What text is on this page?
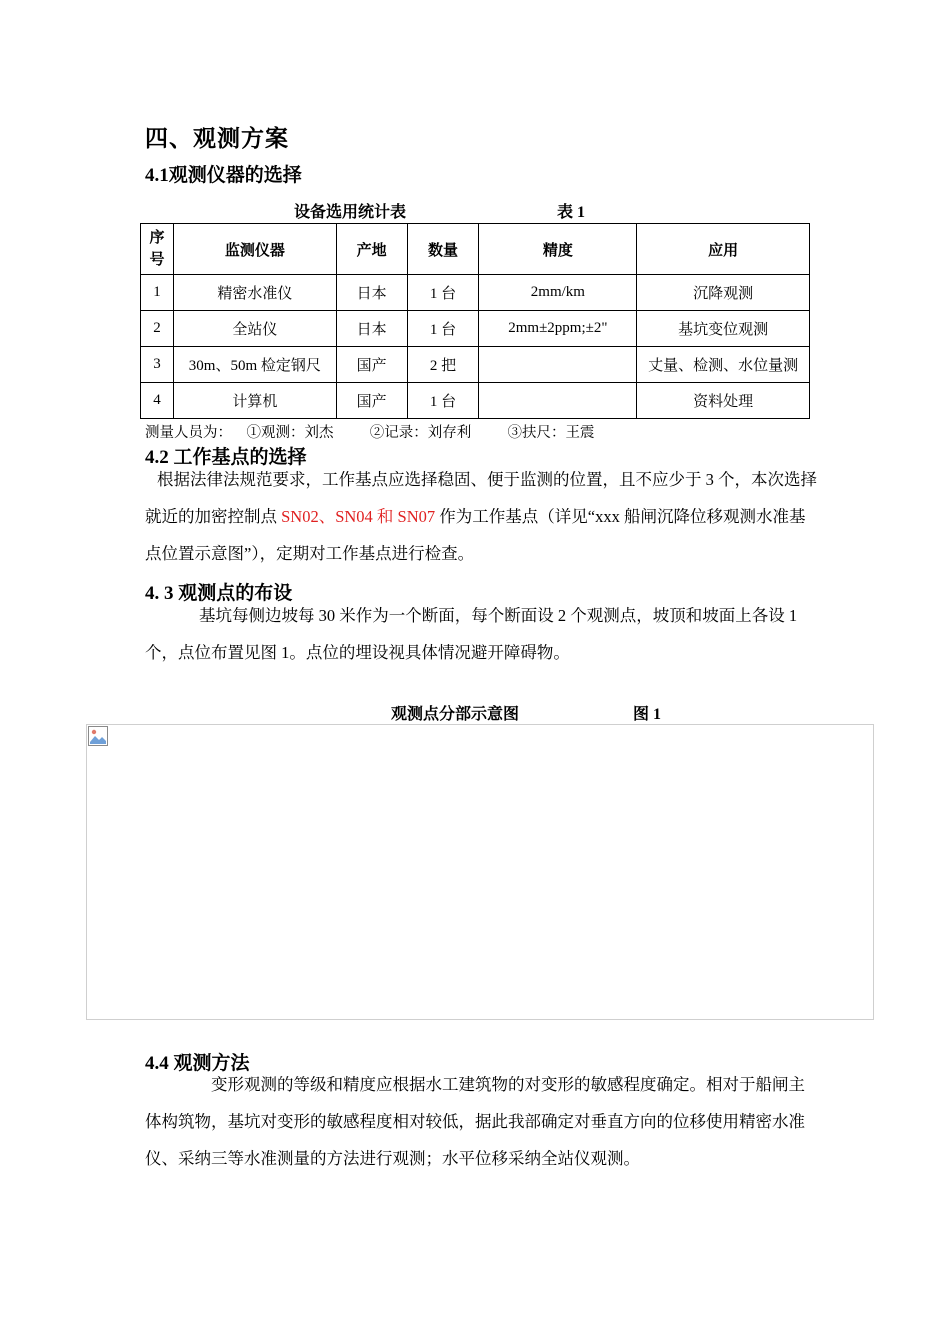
四、观测方案
4.1观测仪器的选择
设备选用统计表	表 1
序号	监测仪器	产地	数量	精度	应用
1	精密水准仪	日本	1 台	2mm/km	沉降观测
2	全站仪	日本	1 台	2mm±2ppm;±2"	基坑变位观测
3	30m、50m 检定钢尺	国产	2 把		丈量、检测、水位量测
4	计算机	国产	1 台		资料处理
测量人员为： ①观测：刘杰	②记录：刘存利	③扶尺：王震
4.2 工作基点的选择
根据法律法规范要求，工作基点应选择稳固、便于监测的位置，且不应少于 3 个，本次选择就近的加密控制点 SN02、SN04 和 SN07 作为工作基点（详见“xxx 船闸沉降位移观测水准基点位置示意图”），定期对工作基点进行检查。
4. 3 观测点的布设
基坑每侧边坡每 30 米作为一个断面，每个断面设 2 个观测点，坡顶和坡面上各设 1 个，点位布置见图 1。点位的埋设视具体情况避开障碍物。
观测点分部示意图	图 1
4.4 观测方法
变形观测的等级和精度应根据水工建筑物的对变形的敏感程度确定。相对于船闸主体构筑物，基坑对变形的敏感程度相对较低，据此我部确定对垂直方向的位移使用精密水准仪、采纳三等水准测量的方法进行观测；水平位移采纳全站仪观测。
